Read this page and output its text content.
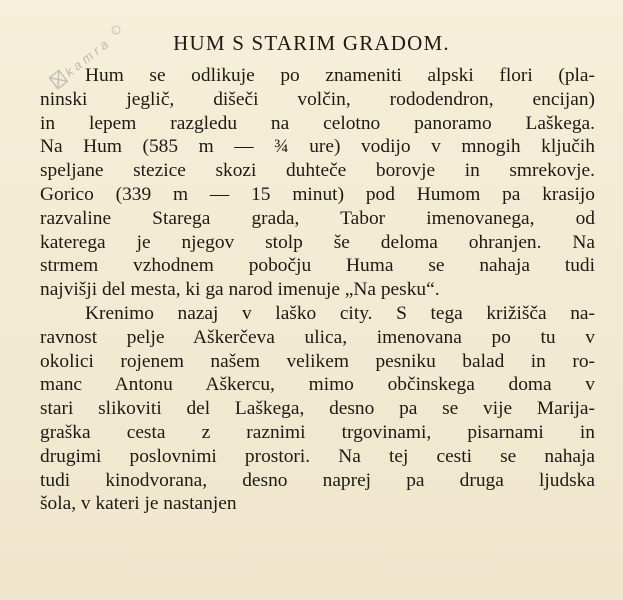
k a m r a
c	HUM S STARIM GRADOM.
Hum se odlikuje po znameniti alpski flori (pla-
ninski jeglič, dišeči volčin, rododendron, encijan)
in lepem razgledu na celotno panoramo Laškega.
Na Hum (585 m — ¾ ure) vodijo v mnogih ključih
speljane stezice skozi duhteče borovje in smrekovje.
Gorico (339 m — 15 minut) pod Humom pa krasijo
razvaline Starega grada, Tabor imenovanegа, od
katerega je njegov stolp še deloma ohranjen. Na
strmem vzhodnem pobočju Huma se nahaja tudi
najvišji del mesta, ki ga narod imenuje „Na pesku“.
Krenimo nazaj v laško city. S tega križišča na-
ravnost pelje Aškerčeva ulica, imenovana po tu v
okolici rojenem našem velikem pesniku balad in ro-
manc Antonu Aškercu, mimo občinskega doma v
stari slikoviti del Laškega, desno pa se vije Marija-
graška cesta z raznimi trgovinami, pisarnami in
drugimi poslovnimi prostori. Na tej cesti se nahaja
tudi kinodvorana, desno naprej pa druga ljudska
šola, v kateri je nastanjen
